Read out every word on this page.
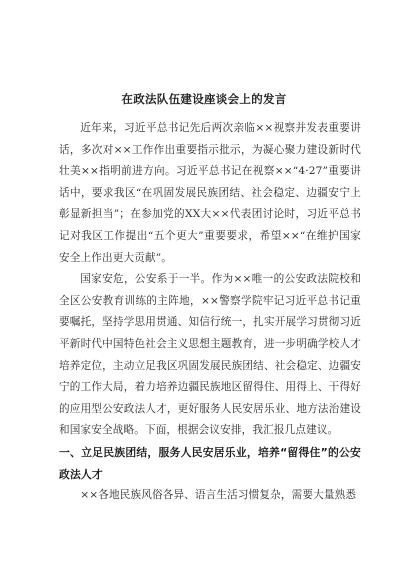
在政法队伍建设座谈会上的发言

近年来，习近平总书记先后两次亲临××视察并发表重要讲话，多次对××工作作出重要指示批示，为凝心聚力建设新时代壮美××指明前进方向。习近平总书记在视察××“4·27”重要讲话中，要求我区“在巩固发展民族团结、社会稳定、边疆安宁上彰显新担当”；在参加党的XX大××代表团讨论时，习近平总书记对我区工作提出“五个更大”重要要求，希望××“在维护国家安全上作出更大贡献”。

国家安危，公安系于一半。作为××唯一的公安政法院校和全区公安教育训练的主阵地，××警察学院牢记习近平总书记重要嘱托，坚持学思用贯通、知信行统一，扎实开展学习贯彻习近平新时代中国特色社会主义思想主题教育，进一步明确学校人才培养定位，主动立足我区巩固发展民族团结、社会稳定、边疆安宁的工作大局，着力培养边疆民族地区留得住、用得上、干得好的应用型公安政法人才，更好服务人民安居乐业、地方法治建设和国家安全战略。下面，根据会议安排，我汇报几点建议。

一、立足民族团结，服务人民安居乐业，培养“留得住”的公安政法人才

××各地民族风俗各异、语言生活习惯复杂，需要大量熟悉
